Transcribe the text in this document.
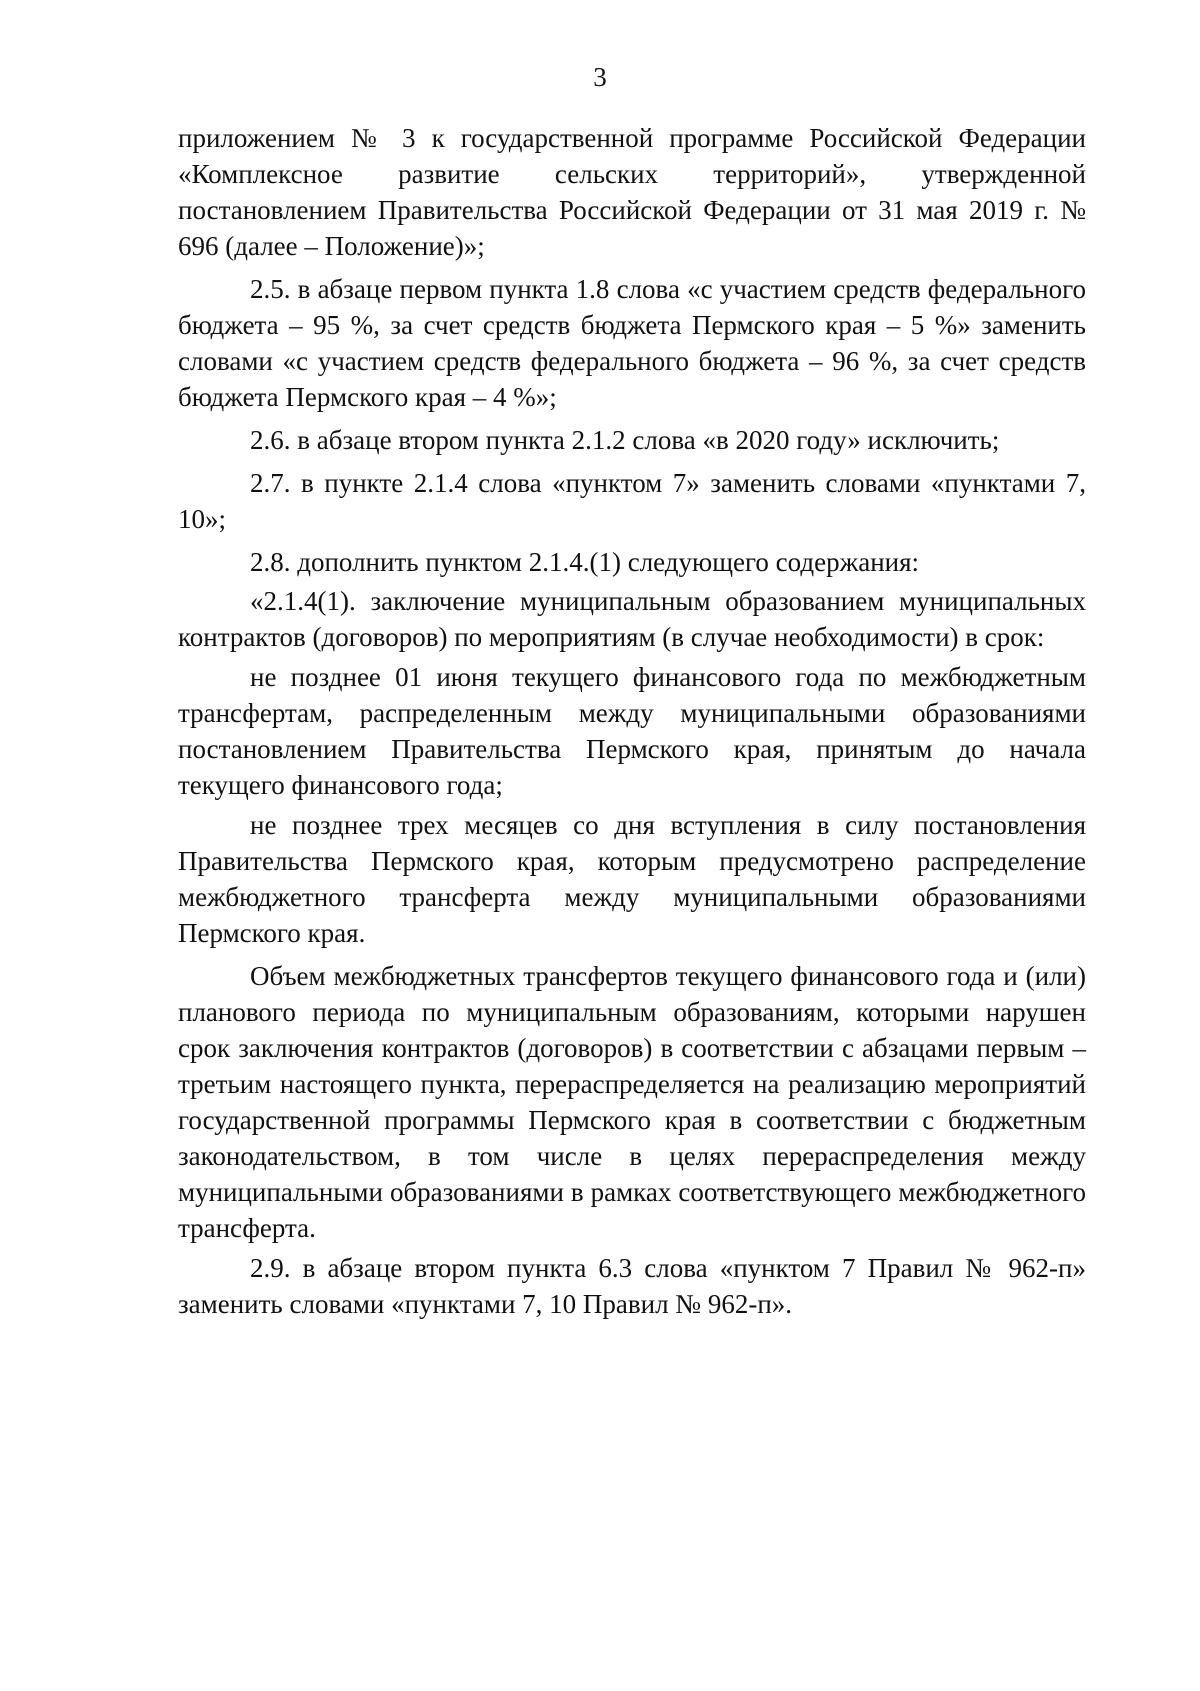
3

приложением № 3 к государственной программе Российской Федерации «Комплексное развитие сельских территорий», утвержденной постановлением Правительства Российской Федерации от 31 мая 2019 г. № 696 (далее – Положение)»;

2.5. в абзаце первом пункта 1.8 слова «с участием средств федерального бюджета – 95 %, за счет средств бюджета Пермского края – 5 %» заменить словами «с участием средств федерального бюджета – 96 %, за счет средств бюджета Пермского края – 4 %»;

2.6. в абзаце втором пункта 2.1.2 слова «в 2020 году» исключить;

2.7. в пункте 2.1.4 слова «пунктом 7» заменить словами «пунктами 7, 10»;

2.8. дополнить пунктом 2.1.4.(1) следующего содержания:

«2.1.4(1). заключение муниципальным образованием муниципальных контрактов (договоров) по мероприятиям (в случае необходимости) в срок:

не позднее 01 июня текущего финансового года по межбюджетным трансфертам, распределенным между муниципальными образованиями постановлением Правительства Пермского края, принятым до начала текущего финансового года;

не позднее трех месяцев со дня вступления в силу постановления Правительства Пермского края, которым предусмотрено распределение межбюджетного трансферта между муниципальными образованиями Пермского края.

Объем межбюджетных трансфертов текущего финансового года и (или) планового периода по муниципальным образованиям, которыми нарушен срок заключения контрактов (договоров) в соответствии с абзацами первым – третьим настоящего пункта, перераспределяется на реализацию мероприятий государственной программы Пермского края в соответствии с бюджетным законодательством, в том числе в целях перераспределения между муниципальными образованиями в рамках соответствующего межбюджетного трансферта.

2.9. в абзаце втором пункта 6.3 слова «пунктом 7 Правил № 962-п» заменить словами «пунктами 7, 10 Правил № 962-п».
